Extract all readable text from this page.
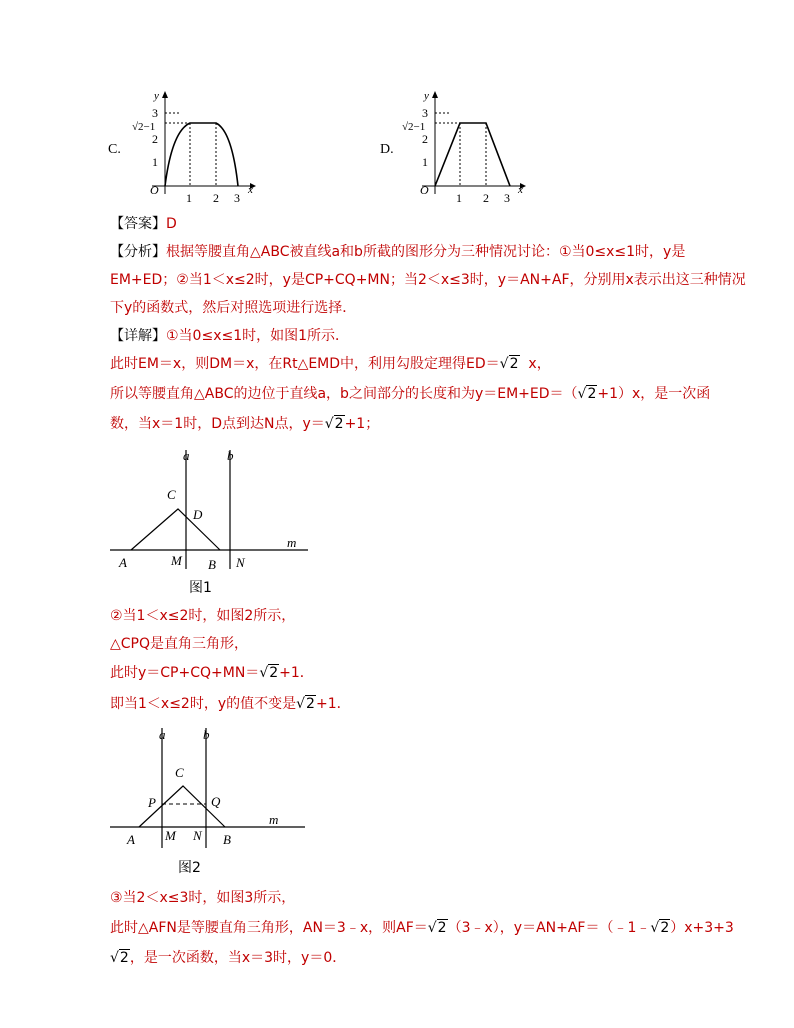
C.
y
x
O
1
2
3
√2−1
1 2 3
D.
y
x
O
1
2
3
√2−1
1 2 3
【答案】D
【分析】根据等腰直角△ABC被直线a和b所截的图形分为三种情况讨论：①当0≤x≤1时，y是
EM+ED；②当1＜x≤2时，y是CP+CQ+MN；当2＜x≤3时，y＝AN+AF，分别用x表示出这三种情况
下y的函数式，然后对照选项进行选择．
【详解】①当0≤x≤1时，如图1所示．
此时EM＝x，则DM＝x，在Rt△EMD中，利用勾股定理得ED＝√2 x，
所以等腰直角△ABC的边位于直线a，b之间部分的长度和为y＝EM+ED＝（√2+1）x，是一次函
数，当x＝1时，D点到达N点，y＝√2+1；
a	b
C
D
m
A	M B N
图1
②当1＜x≤2时，如图2所示，
△CPQ是直角三角形，
此时y＝CP+CQ+MN＝√2+1．
即当1＜x≤2时，y的值不变是√2+1．
a	b
C
P	Q
m
A M N B
图2
③当2＜x≤3时，如图3所示，
此时△AFN是等腰直角三角形，AN＝3﹣x，则AF＝√2（3﹣x），y＝AN+AF＝（﹣1﹣√2）x+3+3
√2，是一次函数，当x＝3时，y＝0．
